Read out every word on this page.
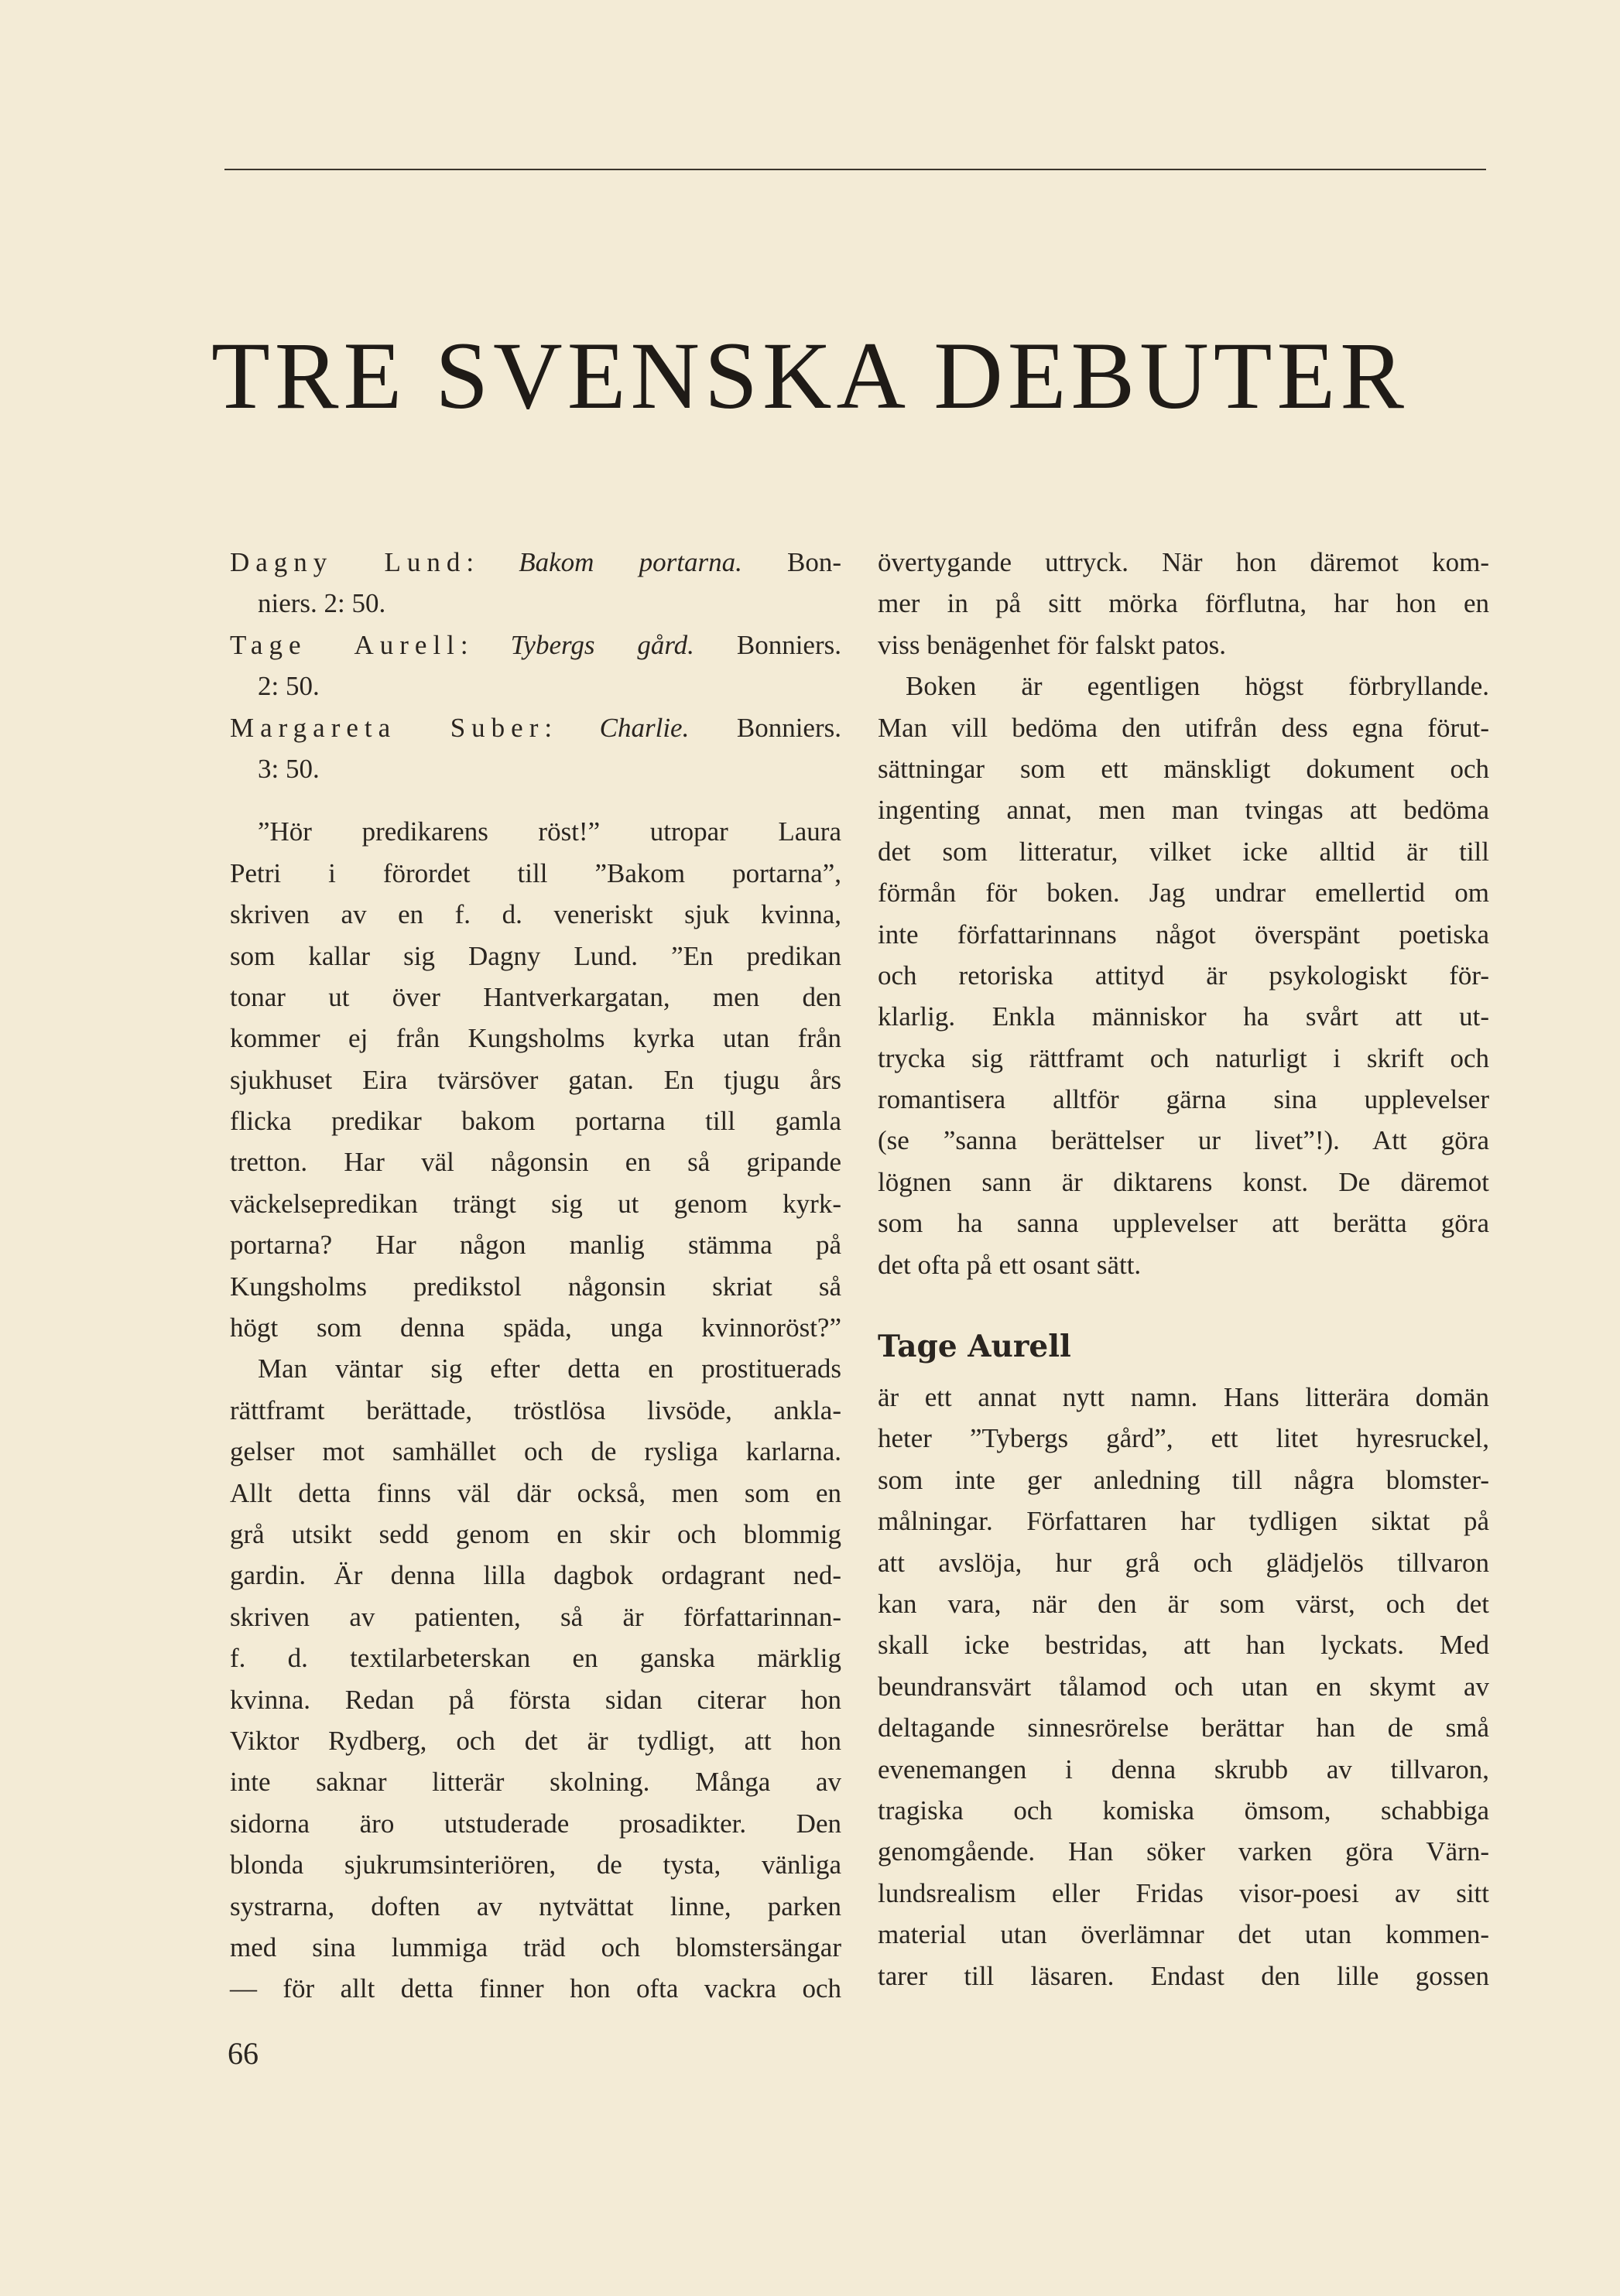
TRE SVENSKA DEBUTER
Dagny Lund: Bakom portarna. Bon-
niers. 2: 50.
Tage Aurell: Tybergs gård. Bonniers.
2: 50.
Margareta Suber: Charlie. Bonniers.
3: 50.
”Hör predikarens röst!” utropar Laura
Petri i förordet till ”Bakom portarna”,
skriven av en f. d. veneriskt sjuk kvinna,
som kallar sig Dagny Lund. ”En predikan
tonar ut över Hantverkargatan, men den
kommer ej från Kungsholms kyrka utan från
sjukhuset Eira tvärsöver gatan. En tjugu års
flicka predikar bakom portarna till gamla
tretton. Har väl någonsin en så gripande
väckelsepredikan trängt sig ut genom kyrk-
portarna? Har någon manlig stämma på
Kungsholms predikstol någonsin skriat så
högt som denna späda, unga kvinnoröst?”
Man väntar sig efter detta en prostituerads
rättframt berättade, tröstlösa livsöde, ankla-
gelser mot samhället och de rysliga karlarna.
Allt detta finns väl där också, men som en
grå utsikt sedd genom en skir och blommig
gardin. Är denna lilla dagbok ordagrant ned-
skriven av patienten, så är författarinnan-
f. d. textilarbeterskan en ganska märklig
kvinna. Redan på första sidan citerar hon
Viktor Rydberg, och det är tydligt, att hon
inte saknar litterär skolning. Många av
sidorna äro utstuderade prosadikter. Den
blonda sjukrumsinteriören, de tysta, vänliga
systrarna, doften av nytvättat linne, parken
med sina lummiga träd och blomstersängar
— för allt detta finner hon ofta vackra och
övertygande uttryck. När hon däremot kom-
mer in på sitt mörka förflutna, har hon en
viss benägenhet för falskt patos.
Boken är egentligen högst förbryllande.
Man vill bedöma den utifrån dess egna förut-
sättningar som ett mänskligt dokument och
ingenting annat, men man tvingas att bedöma
det som litteratur, vilket icke alltid är till
förmån för boken. Jag undrar emellertid om
inte författarinnans något överspänt poetiska
och retoriska attityd är psykologiskt för-
klarlig. Enkla människor ha svårt att ut-
trycka sig rättframt och naturligt i skrift och
romantisera alltför gärna sina upplevelser
(se ”sanna berättelser ur livet”!). Att göra
lögnen sann är diktarens konst. De däremot
som ha sanna upplevelser att berätta göra
det ofta på ett osant sätt.
Tage Aurell
är ett annat nytt namn. Hans litterära domän
heter ”Tybergs gård”, ett litet hyresruckel,
som inte ger anledning till några blomster-
målningar. Författaren har tydligen siktat på
att avslöja, hur grå och glädjelös tillvaron
kan vara, när den är som värst, och det
skall icke bestridas, att han lyckats. Med
beundransvärt tålamod och utan en skymt av
deltagande sinnesrörelse berättar han de små
evenemangen i denna skrubb av tillvaron,
tragiska och komiska ömsom, schabbiga
genomgående. Han söker varken göra Värn-
lundsrealism eller Fridas visor-poesi av sitt
material utan överlämnar det utan kommen-
tarer till läsaren. Endast den lille gossen
66
